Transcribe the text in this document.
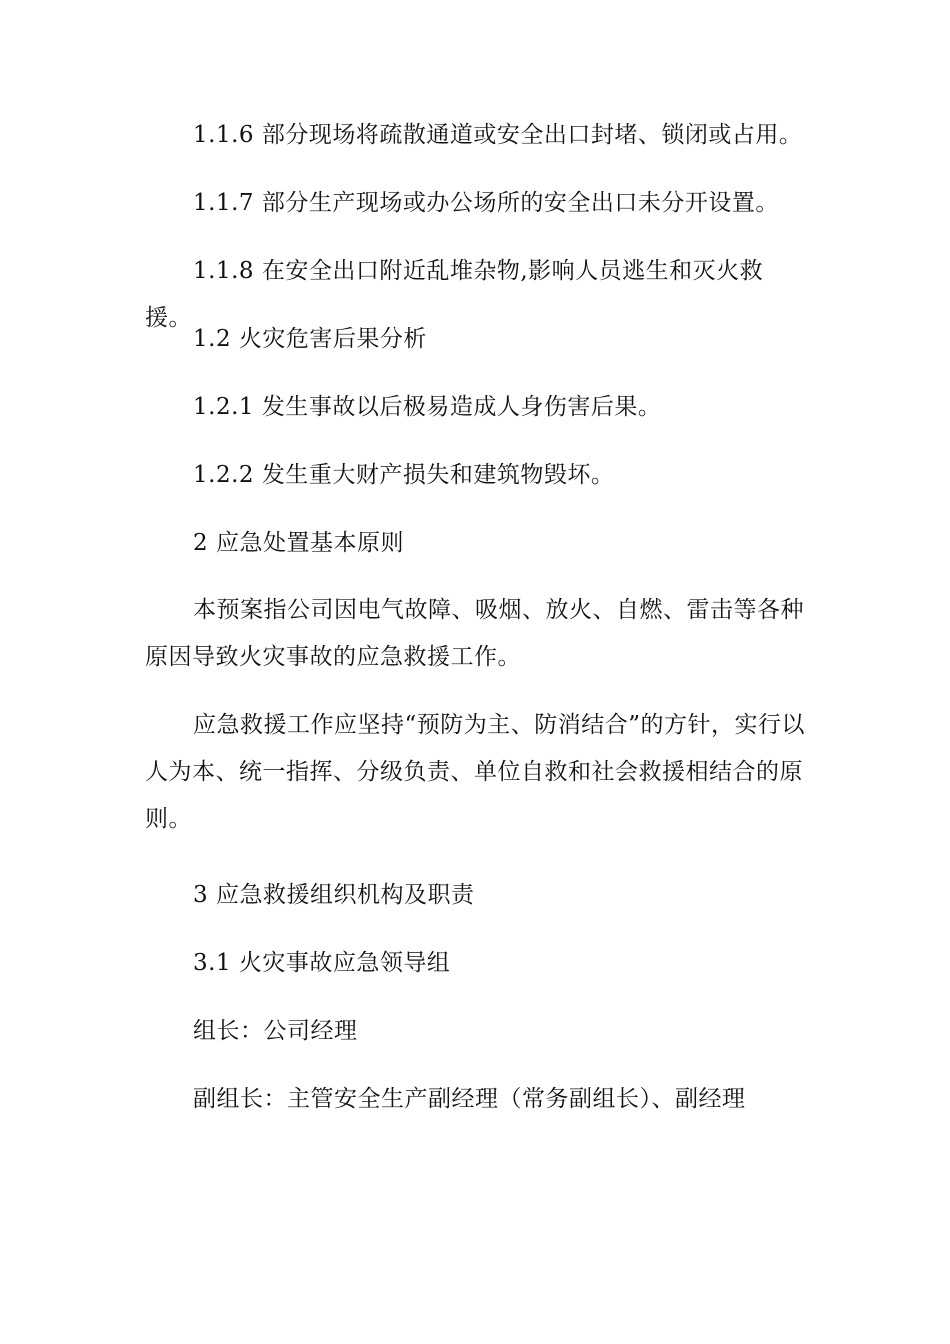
1.1.6 部分现场将疏散通道或安全出口封堵、锁闭或占用。

1.1.7 部分生产现场或办公场所的安全出口未分开设置。

1.1.8 在安全出口附近乱堆杂物,影响人员逃生和灭火救援。

1.2 火灾危害后果分析

1.2.1 发生事故以后极易造成人身伤害后果。

1.2.2 发生重大财产损失和建筑物毁坏。

2 应急处置基本原则

本预案指公司因电气故障、吸烟、放火、自燃、雷击等各种原因导致火灾事故的应急救援工作。

应急救援工作应坚持“预防为主、防消结合”的方针，实行以人为本、统一指挥、分级负责、单位自救和社会救援相结合的原则。

3 应急救援组织机构及职责

3.1 火灾事故应急领导组

组长：公司经理

副组长：主管安全生产副经理（常务副组长）、副经理
